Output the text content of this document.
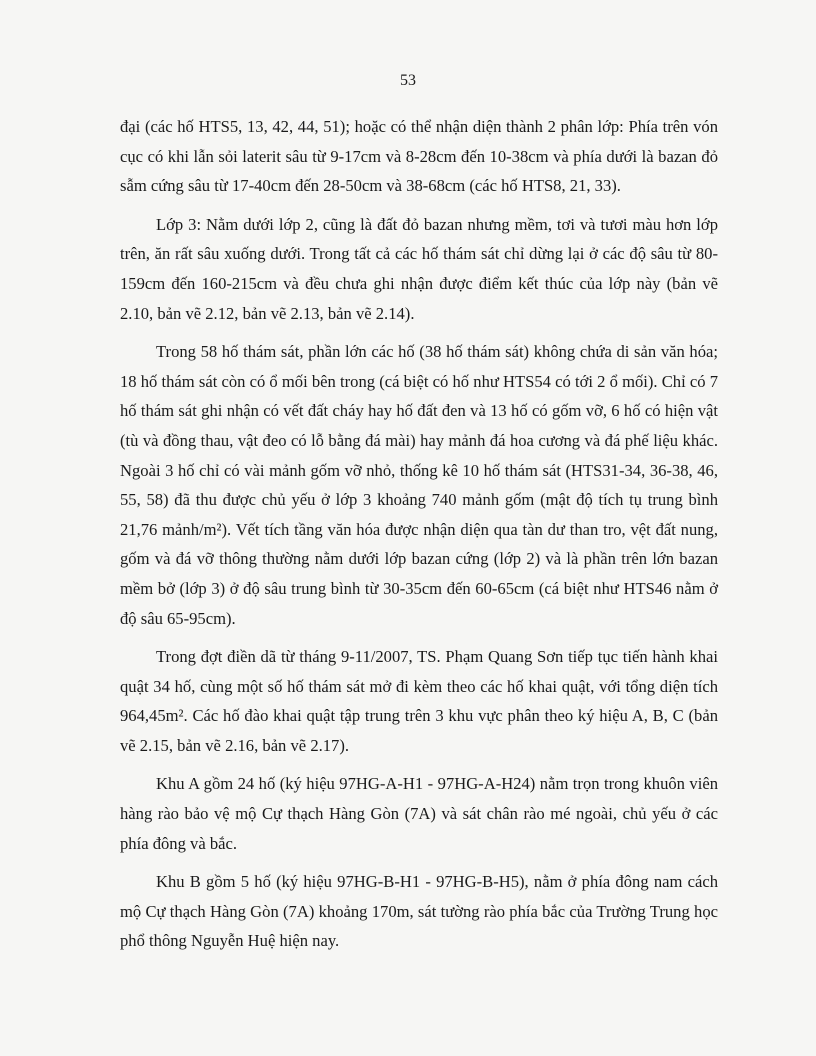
53

đại (các hố HTS5, 13, 42, 44, 51); hoặc có thể nhận diện thành 2 phân lớp: Phía trên vón cục có khi lẫn sỏi laterit sâu từ 9-17cm và 8-28cm đến 10-38cm và phía dưới là bazan đỏ sẫm cứng sâu từ 17-40cm đến 28-50cm và 38-68cm (các hố HTS8, 21, 33).

Lớp 3: Nằm dưới lớp 2, cũng là đất đỏ bazan nhưng mềm, tơi và tươi màu hơn lớp trên, ăn rất sâu xuống dưới. Trong tất cả các hố thám sát chỉ dừng lại ở các độ sâu từ 80-159cm đến 160-215cm và đều chưa ghi nhận được điểm kết thúc của lớp này (bản vẽ 2.10, bản vẽ 2.12, bản vẽ 2.13, bản vẽ 2.14).

Trong 58 hố thám sát, phần lớn các hố (38 hố thám sát) không chứa di sản văn hóa; 18 hố thám sát còn có ổ mối bên trong (cá biệt có hố như HTS54 có tới 2 ổ mối). Chỉ có 7 hố thám sát ghi nhận có vết đất cháy hay hố đất đen và 13 hố có gốm vỡ, 6 hố có hiện vật (tù và đồng thau, vật đeo có lỗ bằng đá mài) hay mảnh đá hoa cương và đá phế liệu khác. Ngoài 3 hố chỉ có vài mảnh gốm vỡ nhỏ, thống kê 10 hố thám sát (HTS31-34, 36-38, 46, 55, 58) đã thu được chủ yếu ở lớp 3 khoảng 740 mảnh gốm (mật độ tích tụ trung bình 21,76 mảnh/m²). Vết tích tầng văn hóa được nhận diện qua tàn dư than tro, vệt đất nung, gốm và đá vỡ thông thường nằm dưới lớp bazan cứng (lớp 2) và là phần trên lớn bazan mềm bở (lớp 3) ở độ sâu trung bình từ 30-35cm đến 60-65cm (cá biệt như HTS46 nằm ở độ sâu 65-95cm).

Trong đợt điền dã từ tháng 9-11/2007, TS. Phạm Quang Sơn tiếp tục tiến hành khai quật 34 hố, cùng một số hố thám sát mở đi kèm theo các hố khai quật, với tổng diện tích 964,45m². Các hố đào khai quật tập trung trên 3 khu vực phân theo ký hiệu A, B, C (bản vẽ 2.15, bản vẽ 2.16, bản vẽ 2.17).

Khu A gồm 24 hố (ký hiệu 97HG-A-H1 - 97HG-A-H24) nằm trọn trong khuôn viên hàng rào bảo vệ mộ Cự thạch Hàng Gòn (7A) và sát chân rào mé ngoài, chủ yếu ở các phía đông và bắc.

Khu B gồm 5 hố (ký hiệu 97HG-B-H1 - 97HG-B-H5), nằm ở phía đông nam cách mộ Cự thạch Hàng Gòn (7A) khoảng 170m, sát tường rào phía bắc của Trường Trung học phổ thông Nguyễn Huệ hiện nay.
